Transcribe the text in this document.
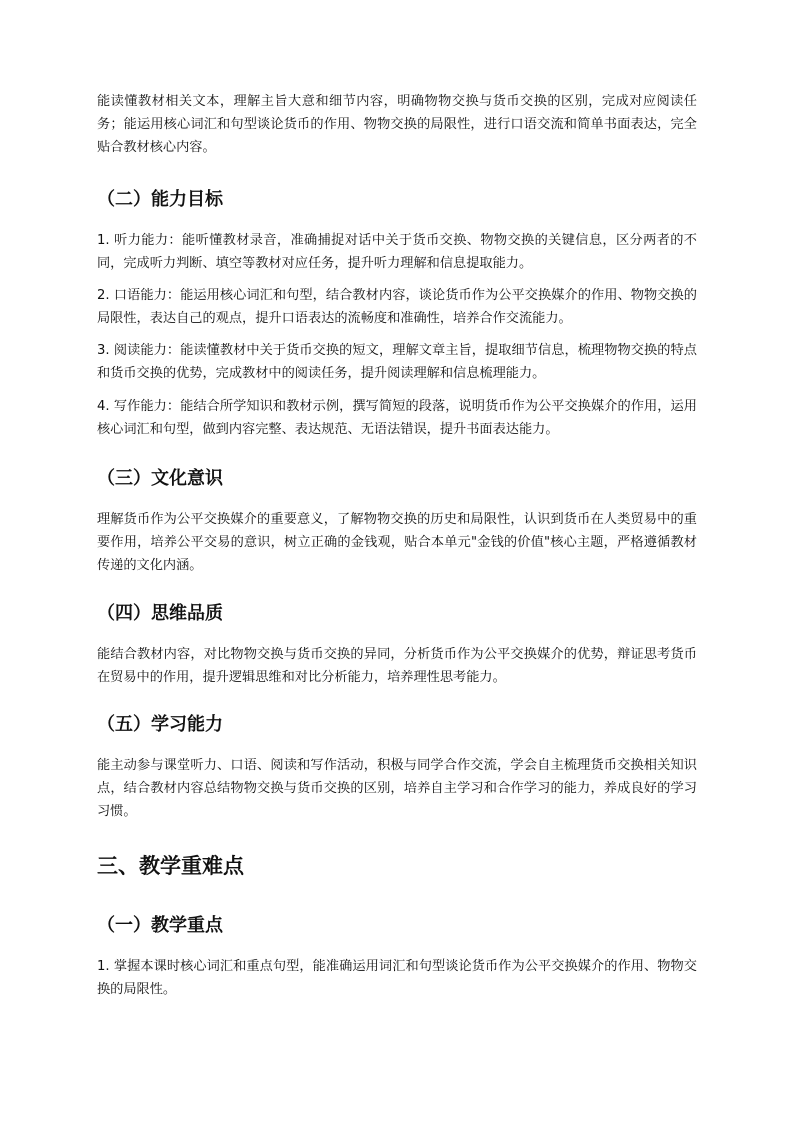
能读懂教材相关文本，理解主旨大意和细节内容，明确物物交换与货币交换的区别，完成对应阅读任务；能运用核心词汇和句型谈论货币的作用、物物交换的局限性，进行口语交流和简单书面表达，完全贴合教材核心内容。

（二）能力目标

1. 听力能力：能听懂教材录音，准确捕捉对话中关于货币交换、物物交换的关键信息，区分两者的不同，完成听力判断、填空等教材对应任务，提升听力理解和信息提取能力。

2. 口语能力：能运用核心词汇和句型，结合教材内容，谈论货币作为公平交换媒介的作用、物物交换的局限性，表达自己的观点，提升口语表达的流畅度和准确性，培养合作交流能力。

3. 阅读能力：能读懂教材中关于货币交换的短文，理解文章主旨，提取细节信息，梳理物物交换的特点和货币交换的优势，完成教材中的阅读任务，提升阅读理解和信息梳理能力。

4. 写作能力：能结合所学知识和教材示例，撰写简短的段落，说明货币作为公平交换媒介的作用，运用核心词汇和句型，做到内容完整、表达规范、无语法错误，提升书面表达能力。

（三）文化意识

理解货币作为公平交换媒介的重要意义，了解物物交换的历史和局限性，认识到货币在人类贸易中的重要作用，培养公平交易的意识，树立正确的金钱观，贴合本单元"金钱的价值"核心主题，严格遵循教材传递的文化内涵。

（四）思维品质

能结合教材内容，对比物物交换与货币交换的异同，分析货币作为公平交换媒介的优势，辩证思考货币在贸易中的作用，提升逻辑思维和对比分析能力，培养理性思考能力。

（五）学习能力

能主动参与课堂听力、口语、阅读和写作活动，积极与同学合作交流，学会自主梳理货币交换相关知识点，结合教材内容总结物物交换与货币交换的区别，培养自主学习和合作学习的能力，养成良好的学习习惯。

三、教学重难点
（一）教学重点

1. 掌握本课时核心词汇和重点句型，能准确运用词汇和句型谈论货币作为公平交换媒介的作用、物物交换的局限性。
